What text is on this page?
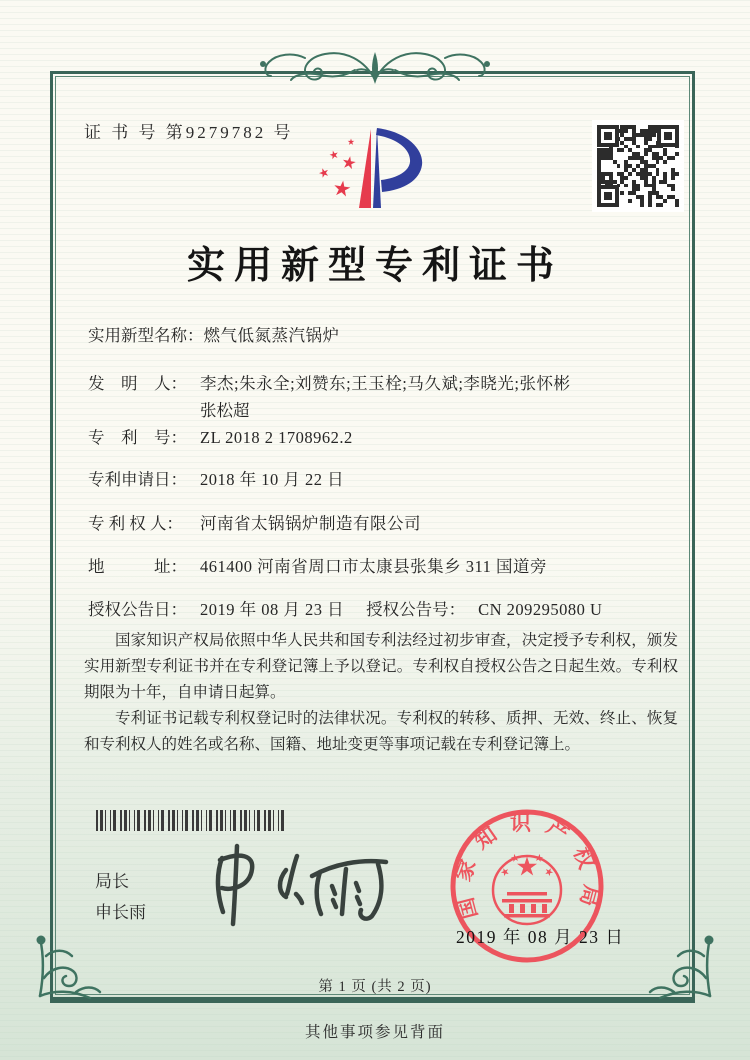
证 书 号 第9279782 号
实用新型专利证书
实用新型名称：燃气低氮蒸汽锅炉
发　明　人： 李杰;朱永全;刘赞东;王玉栓;马久斌;李晓光;张怀彬
张松超
专　利　号： ZL 2018 2 1708962.2
专利申请日： 2018 年 10 月 22 日
专 利 权 人： 河南省太锅锅炉制造有限公司
地　　　址： 461400 河南省周口市太康县张集乡 311 国道旁
授权公告日： 2019 年 08 月 23 日 授权公告号： CN 209295080 U

国家知识产权局依照中华人民共和国专利法经过初步审查，决定授予专利权，颁发实用新型专利证书并在专利登记簿上予以登记。专利权自授权公告之日起生效。专利权期限为十年，自申请日起算。

专利证书记载专利权登记时的法律状况。专利权的转移、质押、无效、终止、恢复和专利权人的姓名或名称、国籍、地址变更等事项记载在专利登记簿上。

局长
申长雨	国家知识产权局
2019 年 08 月 23 日
第 1 页 (共 2 页)
其他事项参见背面
